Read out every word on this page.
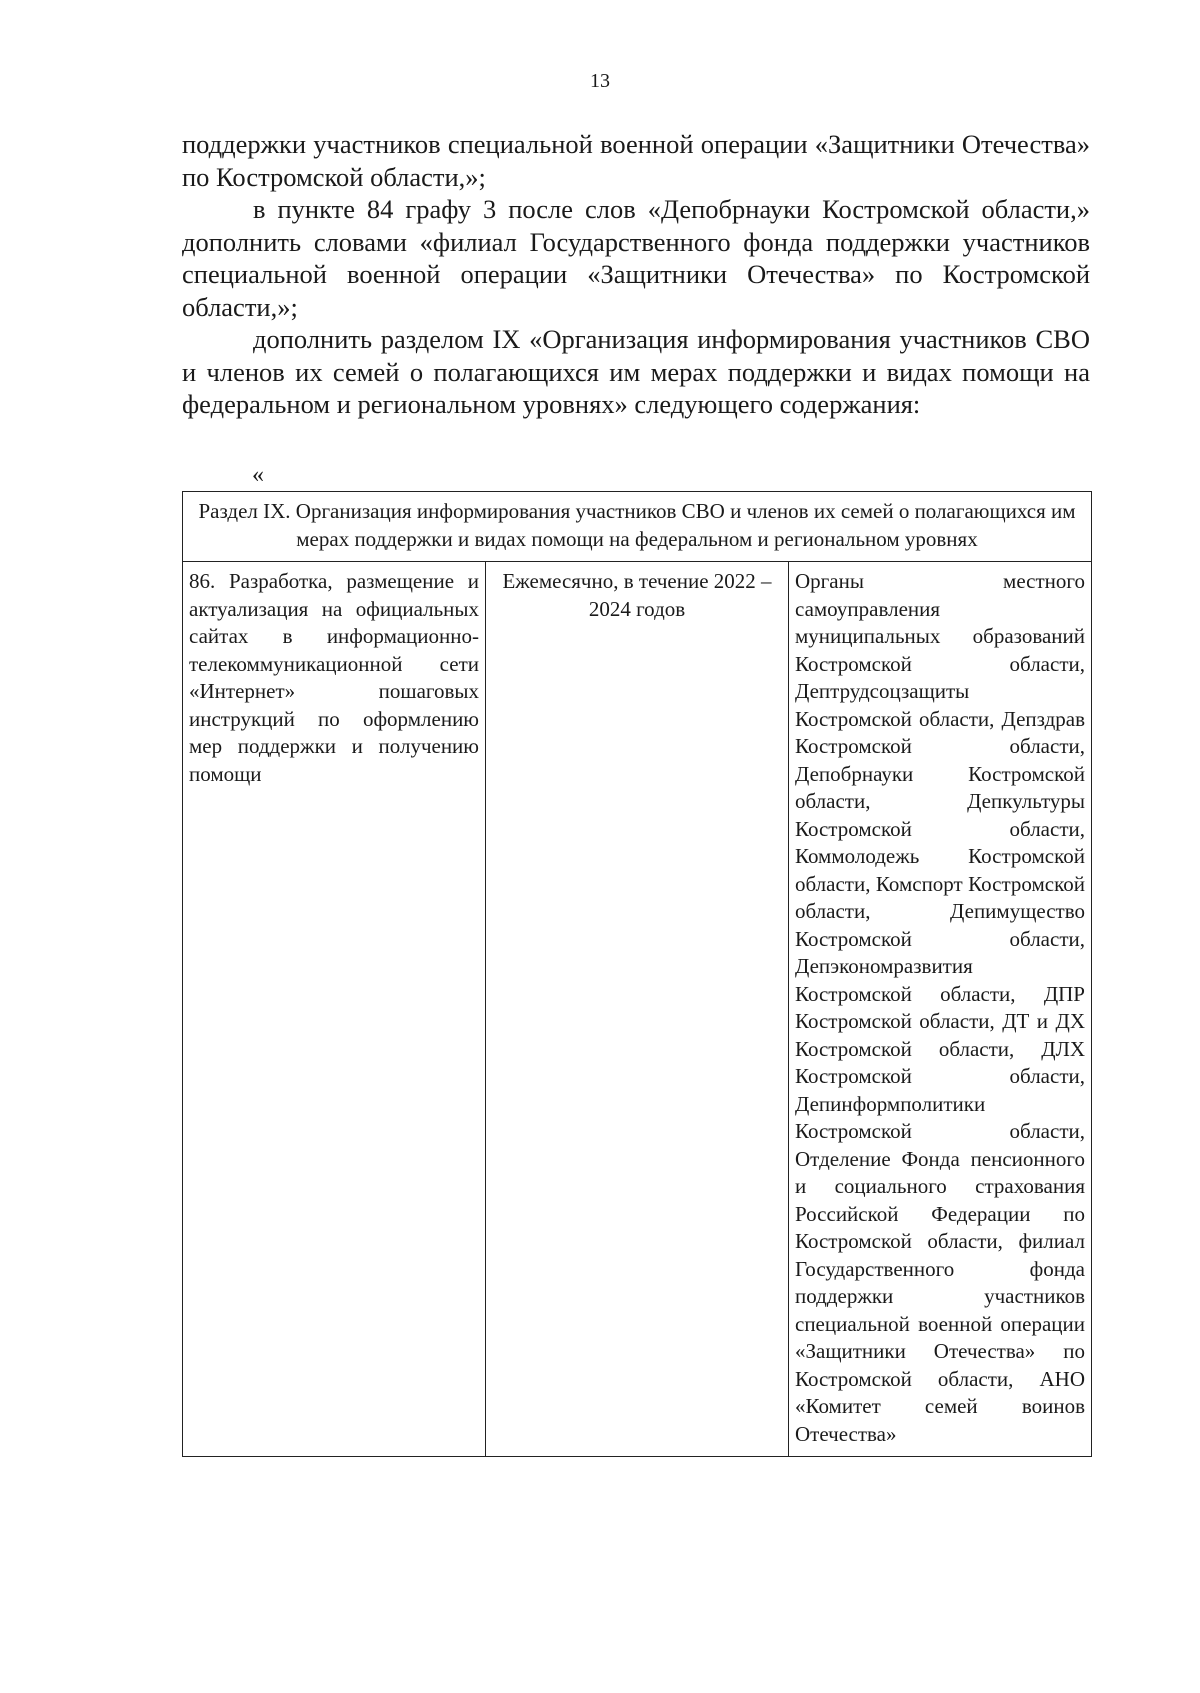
13

поддержки участников специальной военной операции «Защитники Отечества» по Костромской области,»;

в пункте 84 графу 3 после слов «Депобрнауки Костромской области,» дополнить словами «филиал Государственного фонда поддержки участников специальной военной операции «Защитники Отечества» по Костромской области,»;

дополнить разделом IX «Организация информирования участников СВО и членов их семей о полагающихся им мерах поддержки и видах помощи на федеральном и региональном уровнях» следующего содержания:

«
Раздел IX. Организация информирования участников СВО и членов их семей о полагающихся им мерах поддержки и видах помощи на федеральном и региональном уровнях
86. Разработка, размещение и актуализация на официальных сайтах в информационно-телекоммуникационной сети «Интернет» пошаговых инструкций по оформлению мер поддержки и получению помощи	Ежемесячно, в течение 2022 – 2024 годов	Органы местного самоуправления муниципальных образований Костромской области, Дептрудсоцзащиты Костромской области, Депздрав Костромской области, Депобрнауки Костромской области, Депкультуры Костромской области, Коммолодежь Костромской области, Комспорт Костромской области, Депимущество Костромской области, Депэкономразвития Костромской области, ДПР Костромской области, ДТ и ДХ Костромской области, ДЛХ Костромской области, Депинформполитики Костромской области, Отделение Фонда пенсионного и социального страхования Российской Федерации по Костромской области, филиал Государственного фонда поддержки участников специальной военной операции «Защитники Отечества» по Костромской области, АНО «Комитет семей воинов Отечества»
